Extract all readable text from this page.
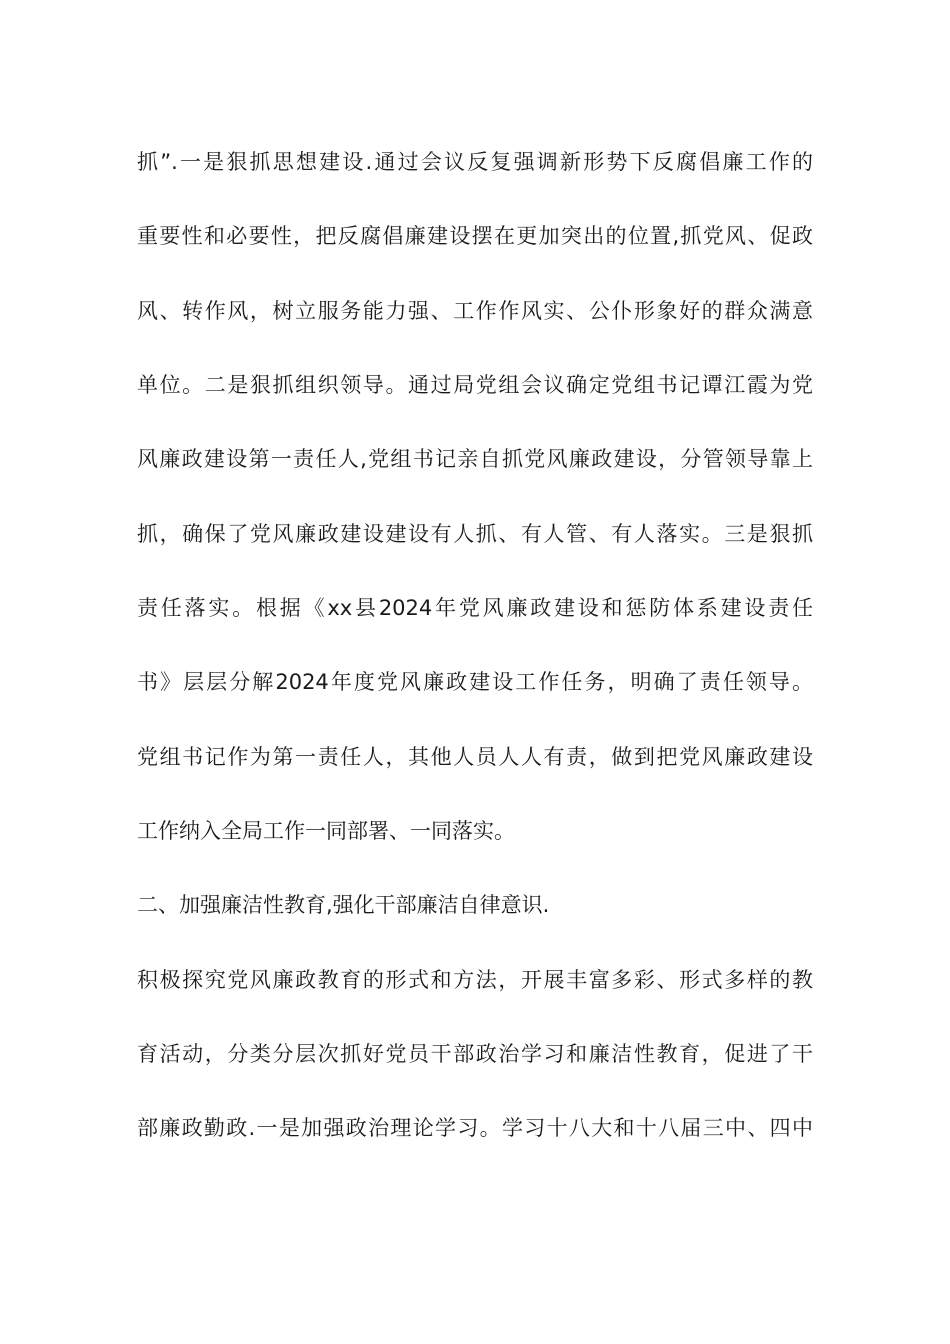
抓”.一是狠抓思想建设.通过会议反复强调新形势下反腐倡廉工作的
重要性和必要性，把反腐倡廉建设摆在更加突出的位置,抓党风、促政
风、转作风，树立服务能力强、工作作风实、公仆形象好的群众满意
单位。二是狠抓组织领导。通过局党组会议确定党组书记谭江霞为党
风廉政建设第一责任人,党组书记亲自抓党风廉政建设，分管领导靠上
抓，确保了党风廉政建设建设有人抓、有人管、有人落实。三是狠抓
责任落实。根据《xx县2024年党风廉政建设和惩防体系建设责任
书》层层分解2024年度党风廉政建设工作任务，明确了责任领导。
党组书记作为第一责任人，其他人员人人有责，做到把党风廉政建设
工作纳入全局工作一同部署、一同落实。
二、加强廉洁性教育,强化干部廉洁自律意识.
积极探究党风廉政教育的形式和方法，开展丰富多彩、形式多样的教
育活动，分类分层次抓好党员干部政治学习和廉洁性教育，促进了干
部廉政勤政.一是加强政治理论学习。学习十八大和十八届三中、四中
